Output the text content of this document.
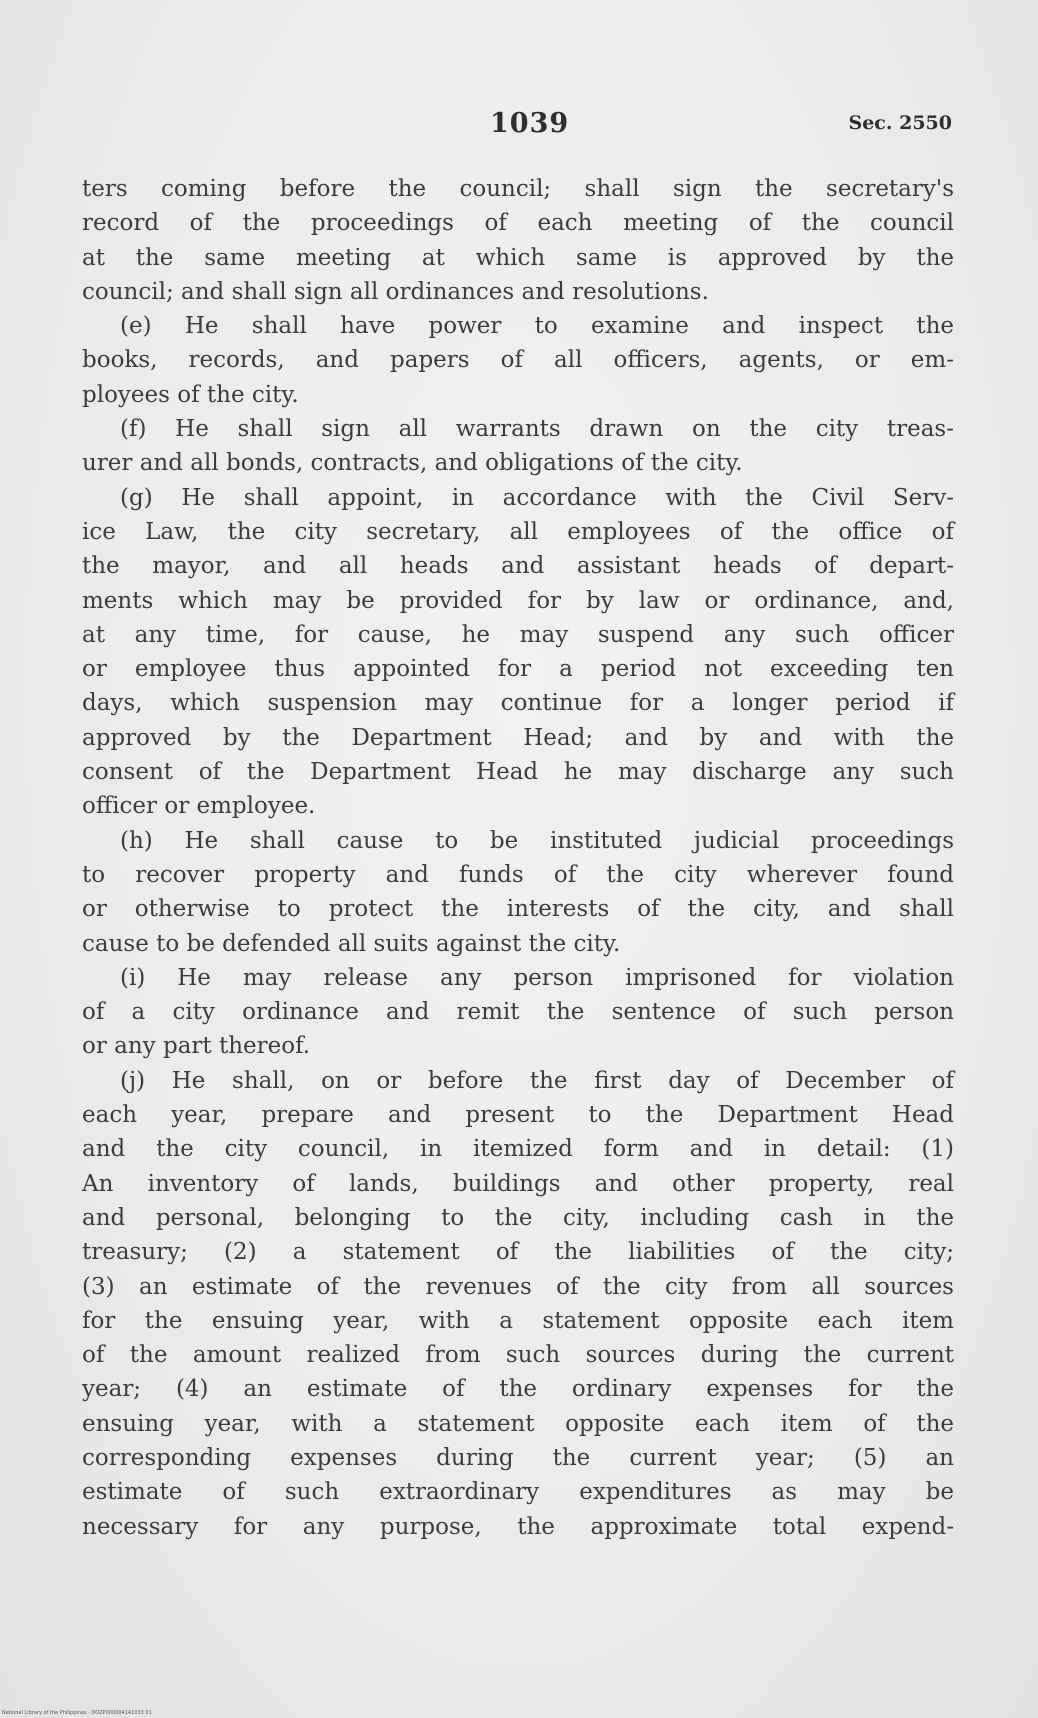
1039	Sec. 2550
ters coming before the council; shall sign the secretary's
record of the proceedings of each meeting of the council
at the same meeting at which same is approved by the
council; and shall sign all ordinances and resolutions.
(e) He shall have power to examine and inspect the
books, records, and papers of all officers, agents, or em-
ployees of the city.
(f) He shall sign all warrants drawn on the city treas-
urer and all bonds, contracts, and obligations of the city.
(g) He shall appoint, in accordance with the Civil Serv-
ice Law, the city secretary, all employees of the office of
the mayor, and all heads and assistant heads of depart-
ments which may be provided for by law or ordinance, and,
at any time, for cause, he may suspend any such officer
or employee thus appointed for a period not exceeding ten
days, which suspension may continue for a longer period if
approved by the Department Head; and by and with the
consent of the Department Head he may discharge any such
officer or employee.
(h) He shall cause to be instituted judicial proceedings
to recover property and funds of the city wherever found
or otherwise to protect the interests of the city, and shall
cause to be defended all suits against the city.
(i) He may release any person imprisoned for violation
of a city ordinance and remit the sentence of such person
or any part thereof.
(j) He shall, on or before the first day of December of
each year, prepare and present to the Department Head
and the city council, in itemized form and in detail: (1)
An inventory of lands, buildings and other property, real
and personal, belonging to the city, including cash in the
treasury; (2) a statement of the liabilities of the city;
(3) an estimate of the revenues of the city from all sources
for the ensuing year, with a statement opposite each item
of the amount realized from such sources during the current
year; (4) an estimate of the ordinary expenses for the
ensuing year, with a statement opposite each item of the
corresponding expenses during the current year; (5) an
estimate of such extraordinary expenditures as may be
necessary for any purpose, the approximate total expend-
National Library of the Philippines · DOZP000004141033 01
